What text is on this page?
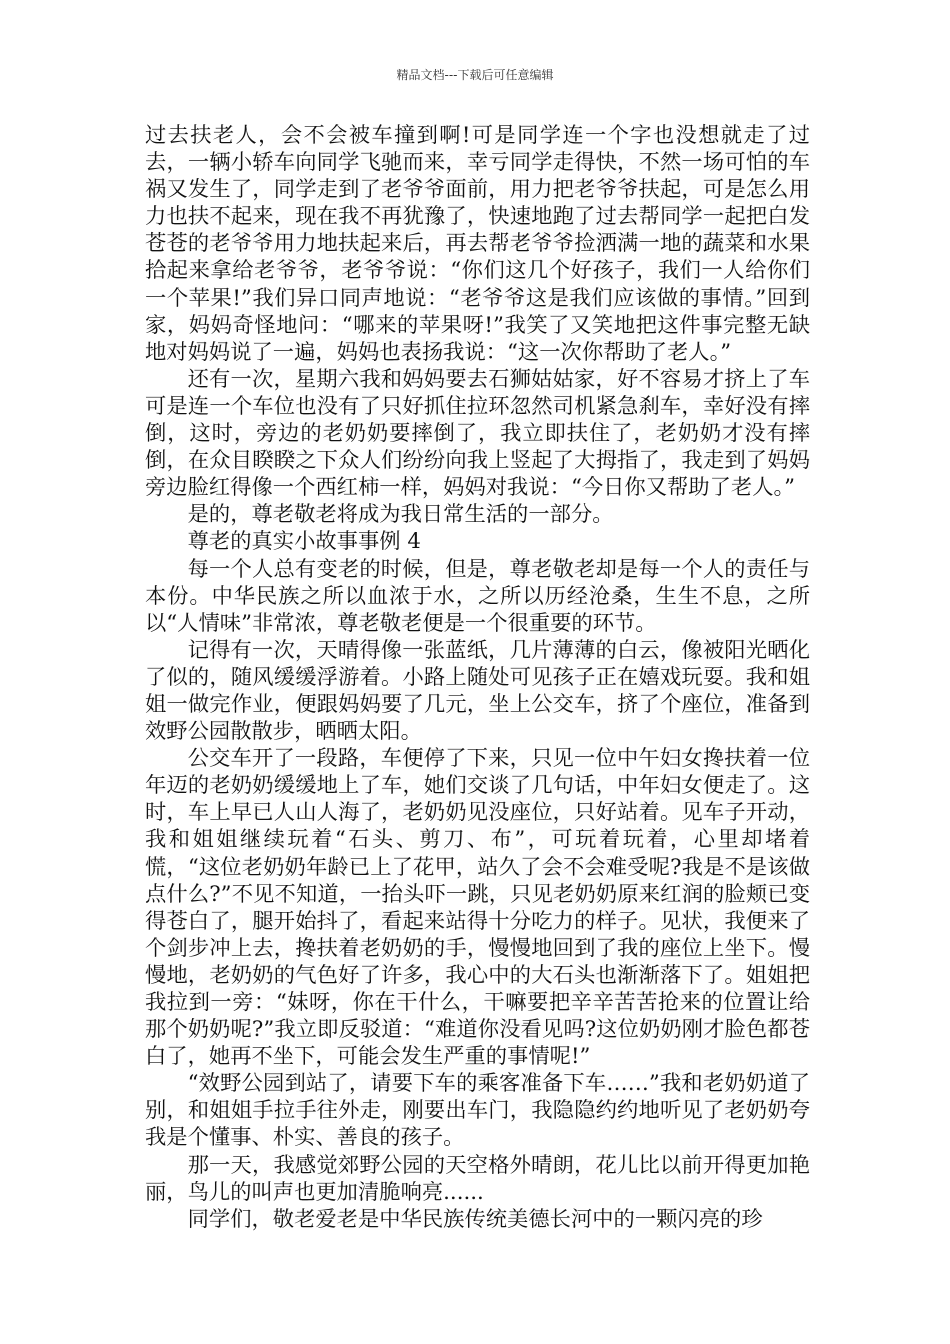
精品文档---下载后可任意编辑

过去扶老人，会不会被车撞到啊!可是同学连一个字也没想就走了过去，一辆小轿车向同学飞驰而来，幸亏同学走得快，不然一场可怕的车祸又发生了，同学走到了老爷爷面前，用力把老爷爷扶起，可是怎么用力也扶不起来，现在我不再犹豫了，快速地跑了过去帮同学一起把白发苍苍的老爷爷用力地扶起来后，再去帮老爷爷捡洒满一地的蔬菜和水果拾起来拿给老爷爷，老爷爷说：“你们这几个好孩子，我们一人给你们一个苹果!”我们异口同声地说：“老爷爷这是我们应该做的事情。”回到家，妈妈奇怪地问：“哪来的苹果呀!”我笑了又笑地把这件事完整无缺地对妈妈说了一遍，妈妈也表扬我说：“这一次你帮助了老人。”

还有一次，星期六我和妈妈要去石狮姑姑家，好不容易才挤上了车可是连一个车位也没有了只好抓住拉环忽然司机紧急刹车，幸好没有摔倒，这时，旁边的老奶奶要摔倒了，我立即扶住了，老奶奶才没有摔倒，在众目睽睽之下众人们纷纷向我上竖起了大拇指了，我走到了妈妈旁边脸红得像一个西红柿一样，妈妈对我说：“今日你又帮助了老人。”

是的，尊老敬老将成为我日常生活的一部分。

尊老的真实小故事事例 4

每一个人总有变老的时候，但是，尊老敬老却是每一个人的责任与本份。中华民族之所以血浓于水，之所以历经沧桑，生生不息，之所以“人情味”非常浓，尊老敬老便是一个很重要的环节。

记得有一次，天晴得像一张蓝纸，几片薄薄的白云，像被阳光晒化了似的，随风缓缓浮游着。小路上随处可见孩子正在嬉戏玩耍。我和姐姐一做完作业，便跟妈妈要了几元，坐上公交车，挤了个座位，准备到效野公园散散步，晒晒太阳。

公交车开了一段路，车便停了下来，只见一位中午妇女搀扶着一位年迈的老奶奶缓缓地上了车，她们交谈了几句话，中年妇女便走了。这时，车上早已人山人海了，老奶奶见没座位，只好站着。见车子开动，我和姐姐继续玩着“石头、剪刀、布”，可玩着玩着，心里却堵着慌，“这位老奶奶年龄已上了花甲，站久了会不会难受呢?我是不是该做点什么?”不见不知道，一抬头吓一跳，只见老奶奶原来红润的脸颊已变得苍白了，腿开始抖了，看起来站得十分吃力的样子。见状，我便来了个剑步冲上去，搀扶着老奶奶的手，慢慢地回到了我的座位上坐下。慢慢地，老奶奶的气色好了许多，我心中的大石头也渐渐落下了。姐姐把我拉到一旁：“妹呀，你在干什么，干嘛要把辛辛苦苦抢来的位置让给那个奶奶呢?”我立即反驳道：“难道你没看见吗?这位奶奶刚才脸色都苍白了，她再不坐下，可能会发生严重的事情呢!”

“效野公园到站了，请要下车的乘客准备下车……”我和老奶奶道了别，和姐姐手拉手往外走，刚要出车门，我隐隐约约地听见了老奶奶夸我是个懂事、朴实、善良的孩子。

那一天，我感觉郊野公园的天空格外晴朗，花儿比以前开得更加艳丽，鸟儿的叫声也更加清脆响亮......

同学们，敬老爱老是中华民族传统美德长河中的一颗闪亮的珍
